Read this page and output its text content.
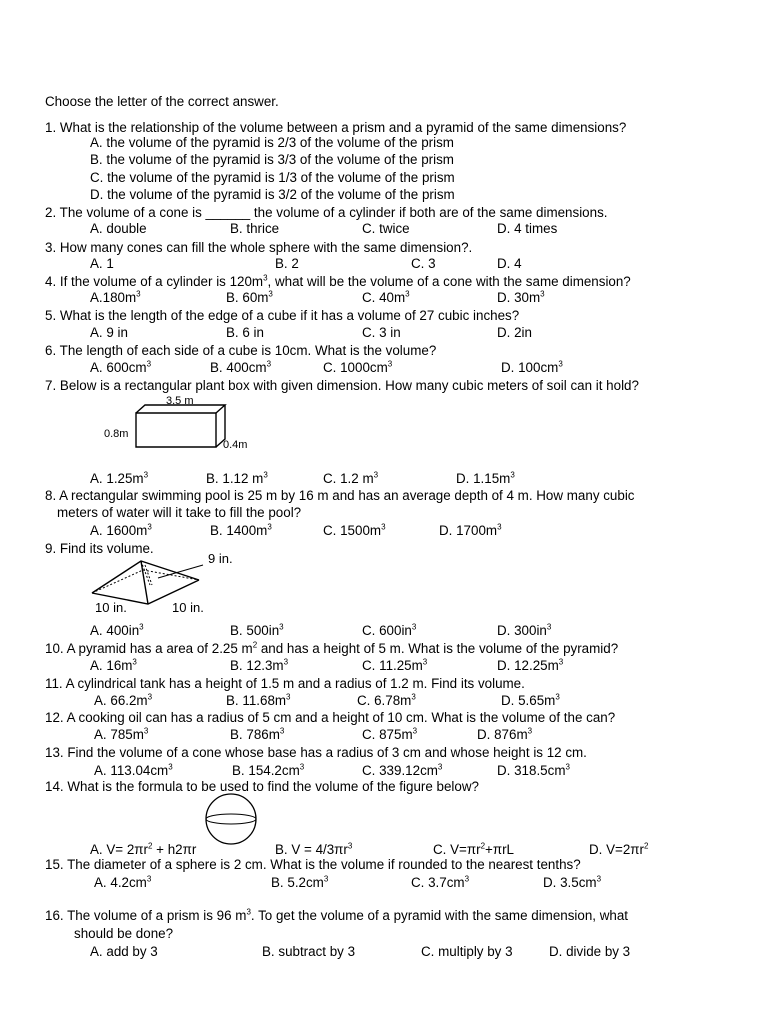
Choose the letter of the correct answer.
1. What is the relationship of the volume between a prism and a pyramid of the same dimensions?
A. the volume of the pyramid is 2/3 of the volume of the prism
B. the volume of the pyramid is 3/3 of the volume of the prism
C. the volume of the pyramid is 1/3 of the volume of the prism
D. the volume of the pyramid is 3/2 of the volume of the prism
2. The volume of a cone is ______ the volume of a cylinder if both are of the same dimensions.
A. double	B. thrice	C. twice	D. 4 times
3. How many cones can fill the whole sphere with the same dimension?.
A. 1	B. 2	C. 3	D. 4
4. If the volume of a cylinder is $120m^3$, what will be the volume of a cone with the same dimension?
$A.180m^3$	B. $60m^3$	C. $40m^3$	D. $30m^3$
5. What is the length of the edge of a cube if it has a volume of 27 cubic inches?
A. 9 in	B. 6 in	C. 3 in	D. 2in
6. The length of each side of a cube is 10cm. What is the volume?
A. $600cm^3$	B. $400cm^3$	C. $1000cm^3$	D. $100cm^3$
7. Below is a rectangular plant box with given dimension. How many cubic meters of soil can it hold?
3.5 m
0.8m
0.4m
A. $1.25m^3$	B. 1.12 $m^3$	C. 1.2 $m^3$	D. $1.15m^3$
8. A rectangular swimming pool is 25 m by 16 m and has an average depth of 4 m. How many cubic
meters of water will it take to fill the pool?
A. $1600m^3$	B. $1400m^3$	C. $1500m^3$	D. $1700m^3$
9. Find its volume.
9 in.
10 in.	10 in.
A. $400in^3$	B. $500in^3$	C. $600in^3$	D. $300in^3$
10. A pyramid has a area of 2.25 $m^2$ and has a height of 5 m. What is the volume of the pyramid?
A. $16m^3$	B. $12.3m^3$	C. $11.25m^3$	D. $12.25m^3$
11. A cylindrical tank has a height of 1.5 m and a radius of 1.2 m. Find its volume.
A. $66.2m^3$	B. $11.68m^3$	C. $6.78m^3$	D. $5.65m^3$
12. A cooking oil can has a radius of 5 cm and a height of 10 cm. What is the volume of the can?
A. $785m^3$	B. $786m^3$	C. $875m^3$	D. $876m^3$
13. Find the volume of a cone whose base has a radius of 3 cm and whose height is 12 cm.
A. $113.04cm^3$	B. $154.2cm^3$	C. $339.12cm^3$	D. $318.5cm^3$
14. What is the formula to be used to find the volume of the figure below?
A. $V= 2\pi r^2 + h2\pi r$	B. $V = 4/3\pi r^3$	C. $V=\pi r^2+\pi rL$	D. $V=2\pi r^2$
15. The diameter of a sphere is 2 cm. What is the volume if rounded to the nearest tenths?
A. $4.2cm^3$	B. $5.2cm^3$	C. $3.7cm^3$	D. $3.5cm^3$
16. The volume of a prism is 96 $m^3$. To get the volume of a pyramid with the same dimension, what
should be done?
A. add by 3	B. subtract by 3	C. multiply by 3	D. divide by 3
